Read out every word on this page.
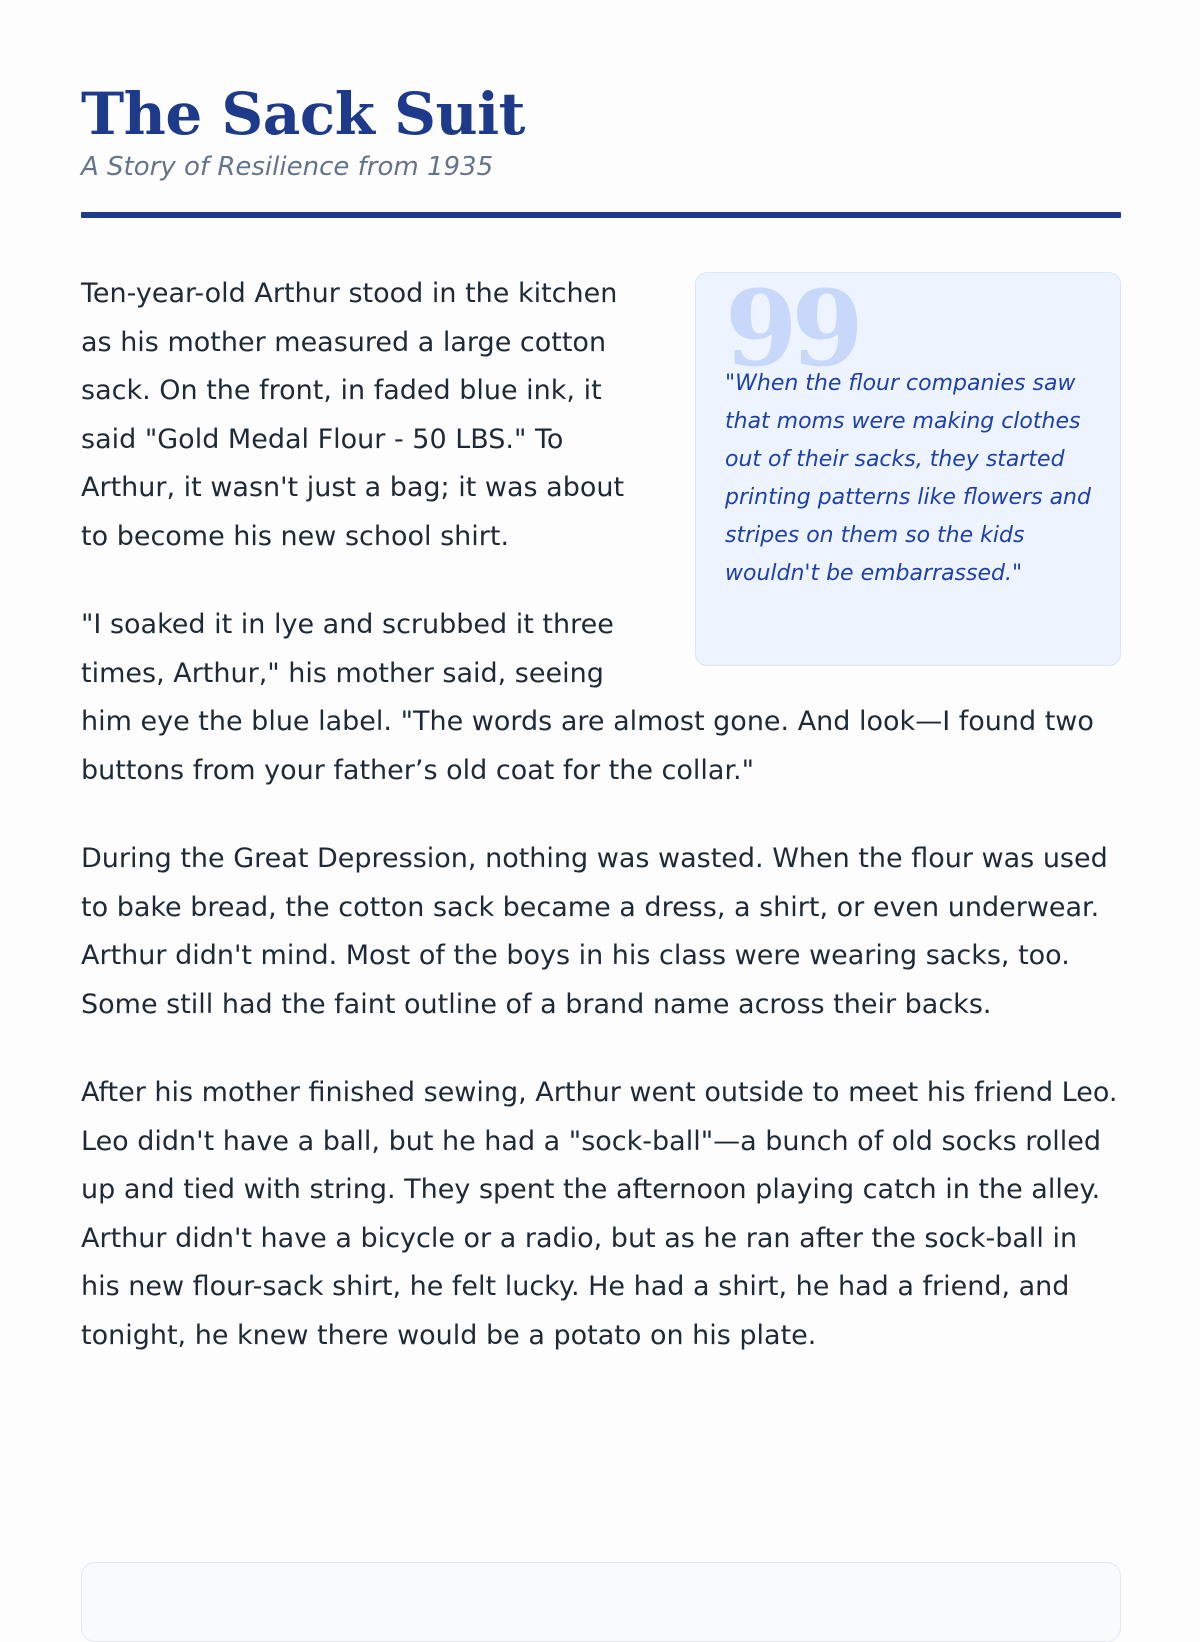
The Sack Suit
A Story of Resilience from 1935
99

"When the flour companies saw that moms were making clothes out of their sacks, they started printing patterns like flowers and stripes on them so the kids wouldn't be embarrassed."

Ten-year-old Arthur stood in the kitchen as his mother measured a large cotton sack. On the front, in faded blue ink, it said "Gold Medal Flour - 50 LBS." To Arthur, it wasn't just a bag; it was about to become his new school shirt.

"I soaked it in lye and scrubbed it three times, Arthur," his mother said, seeing him eye the blue label. "The words are almost gone. And look—I found two buttons from your father’s old coat for the collar."

During the Great Depression, nothing was wasted. When the flour was used to bake bread, the cotton sack became a dress, a shirt, or even underwear. Arthur didn't mind. Most of the boys in his class were wearing sacks, too. Some still had the faint outline of a brand name across their backs.

After his mother finished sewing, Arthur went outside to meet his friend Leo. Leo didn't have a ball, but he had a "sock-ball"—a bunch of old socks rolled up and tied with string. They spent the afternoon playing catch in the alley. Arthur didn't have a bicycle or a radio, but as he ran after the sock-ball in his new flour-sack shirt, he felt lucky. He had a shirt, he had a friend, and tonight, he knew there would be a potato on his plate.
